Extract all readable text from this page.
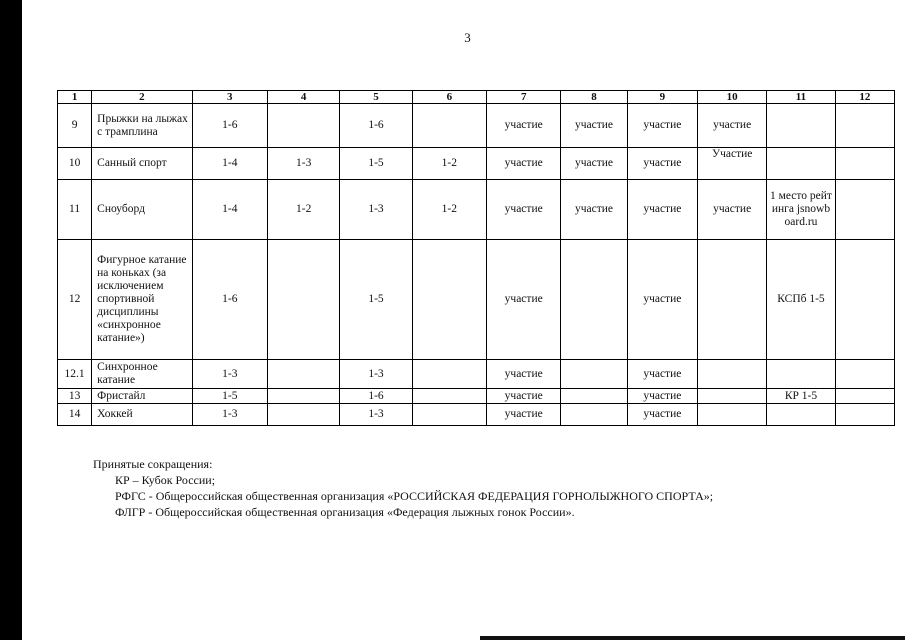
3
1	2	3	4	5	6	7	8	9	10	11	12
9	Прыжки на лыжах с трамплина	1-6		1-6		участие	участие	участие	участие		
10	Санный спорт	1-4	1-3	1-5	1-2	участие	участие	участие	Участие		
11	Сноуборд	1-4	1-2	1-3	1-2	участие	участие	участие	участие	1 место рейтинга jsnowboard.ru	
12	Фигурное катание на коньках (за исключением спортивной дисциплины «синхронное катание»)	1-6		1-5		участие		участие		КСПб 1-5	
12.1	Синхронное катание	1-3		1-3		участие		участие			
13	Фристайл	1-5		1-6		участие		участие		КР 1-5	
14	Хоккей	1-3		1-3		участие		участие			
Принятые сокращения:
КР – Кубок России;
РФГС - Общероссийская общественная организация «РОССИЙСКАЯ ФЕДЕРАЦИЯ ГОРНОЛЫЖНОГО СПОРТА»;
ФЛГР - Общероссийская общественная организация «Федерация лыжных гонок России».
